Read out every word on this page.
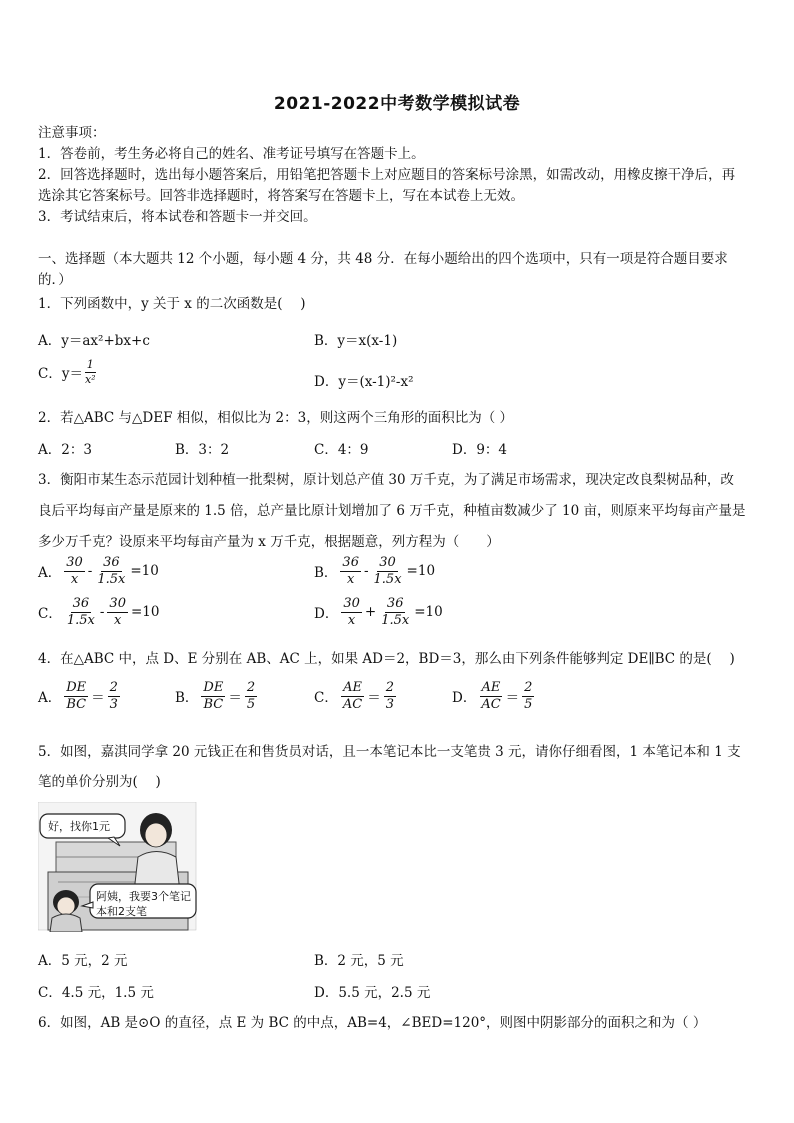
2021-2022中考数学模拟试卷
注意事项：
1．答卷前，考生务必将自己的姓名、准考证号填写在答题卡上。
2．回答选择题时，选出每小题答案后，用铅笔把答题卡上对应题目的答案标号涂黑，如需改动，用橡皮擦干净后，再
选涂其它答案标号。回答非选择题时，将答案写在答题卡上，写在本试卷上无效。
3．考试结束后，将本试卷和答题卡一并交回。
一、选择题（本大题共 12 个小题，每小题 4 分，共 48 分．在每小题给出的四个选项中，只有一项是符合题目要求
的．）
1．下列函数中，y 关于 x 的二次函数是(　 )
A．y＝ax²+bx+c	B．y＝x(x-1)
C．$y= \frac{1}{\text{x²}}$	D．y＝(x-1)²-x²
2．若△ABC 与△DEF 相似，相似比为 2：3，则这两个三角形的面积比为（ ）
A．2：3	B．3：2	C．4：9	D．9：4
3．衡阳市某生态示范园计划种植一批梨树，原计划总产值 30 万千克，为了满足市场需求，现决定改良梨树品种，改
良后平均每亩产量是原来的 1.5 倍，总产量比原计划增加了 6 万千克，种植亩数减少了 10 亩，则原来平均每亩产量是
多少万千克？设原来平均每亩产量为 x 万千克，根据题意，列方程为（　　）
A． $\frac{30}{x} - \frac{36}{1.5x} =10$	B． $\frac{36}{x} - \frac{30}{1.5x} =10$
C． $\frac{36}{1.5x} - \frac{30}{x} =10$	D． $\frac{30}{x} + \frac{36}{1.5x} =10$
4．在△ABC 中，点 D、E 分别在 AB、AC 上，如果 AD＝2，BD＝3，那么由下列条件能够判定 DE∥BC 的是(　 )
A． $\frac{DE}{BC} = \frac{2}{3}$	B． $\frac{DE}{BC} = \frac{2}{5}$	C． $\frac{AE}{AC} = \frac{2}{3}$	D． $\frac{AE}{AC} = \frac{2}{5}$
5．如图，嘉淇同学拿 20 元钱正在和售货员对话，且一本笔记本比一支笔贵 3 元，请你仔细看图，1 本笔记本和 1 支
笔的单价分别为(　 )
好，找你1元
阿姨，我要3个笔记
本和2支笔
A．5 元，2 元	B．2 元，5 元
C．4.5 元，1.5 元	D．5.5 元，2.5 元
6．如图，AB 是⊙O 的直径，点 E 为 BC 的中点，AB=4，∠BED=120°，则图中阴影部分的面积之和为（ ）
